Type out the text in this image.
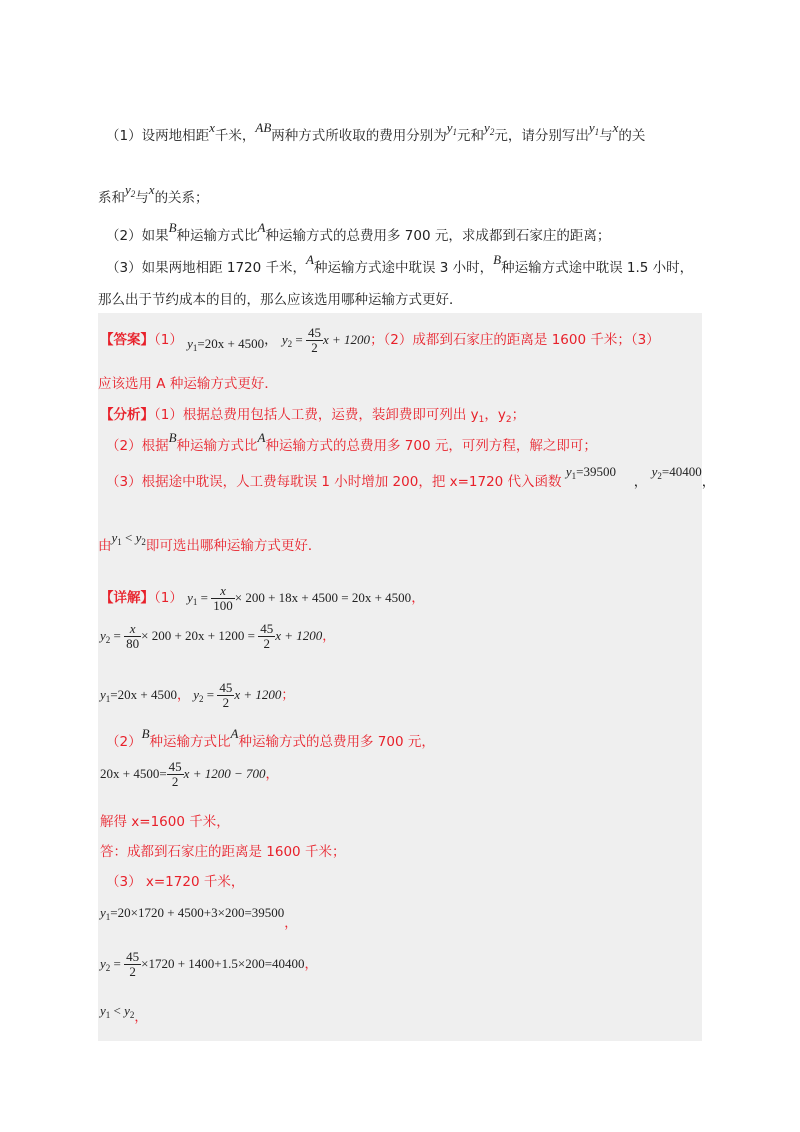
（1）设两地相距x千米，AB两种方式所收取的费用分别为$y_1$元和$y_2$元，请分别写出$y_1$与x的关
系和$y_2$与x的关系；
（2）如果B种运输方式比A种运输方式的总费用多 700 元，求成都到石家庄的距离；
（3）如果两地相距 1720 千米，A种运输方式途中耽误 3 小时，B种运输方式途中耽误 1.5 小时，
那么出于节约成本的目的，那么应该选用哪种运输方式更好．
【答案】（1） $y_1=20x + 4500$， $y_2 = \frac{45}{2}$ x + 1200；（2）成都到石家庄的距离是 1600 千米；（3）
应该选用 A 种运输方式更好．
【分析】（1）根据总费用包括人工费，运费，装卸费即可列出 $y_1$，$y_2$；
（2）根据B种运输方式比A种运输方式的总费用多 700 元，可列方程，解之即可；
（3）根据途中耽误，人工费每耽误 1 小时增加 200，把 x=1720 代入函数 $y_1=39500$ 　， $y_2=40400$，
由$y_1 < y_2$即可选出哪种运输方式更好．
【详解】（1） $y_1 = \frac{x}{100} \times 200 + 18x + 4500 = 20x + 4500$，
$y_2 = \frac{x}{80} \times 200 + 20x + 1200 = \frac{45}{2}$ x + 1200，
$y_1=20x + 4500$， $y_2 = \frac{45}{2}$ x + 1200；
（2）B种运输方式比A种运输方式的总费用多 700 元，
$20x + 4500= \frac{45}{2}$ x + 1200 − 700，
解得 x=1600 千米，
答：成都到石家庄的距离是 1600 千米；
（3） x=1720 千米，
$y_1=20\times 1720 + 4500+3\times 200=39500$，
$y_2 = \frac{45}{2} \times 1720 + 1400+1.5\times 200=40400$，
$y_1 < y_2$，
